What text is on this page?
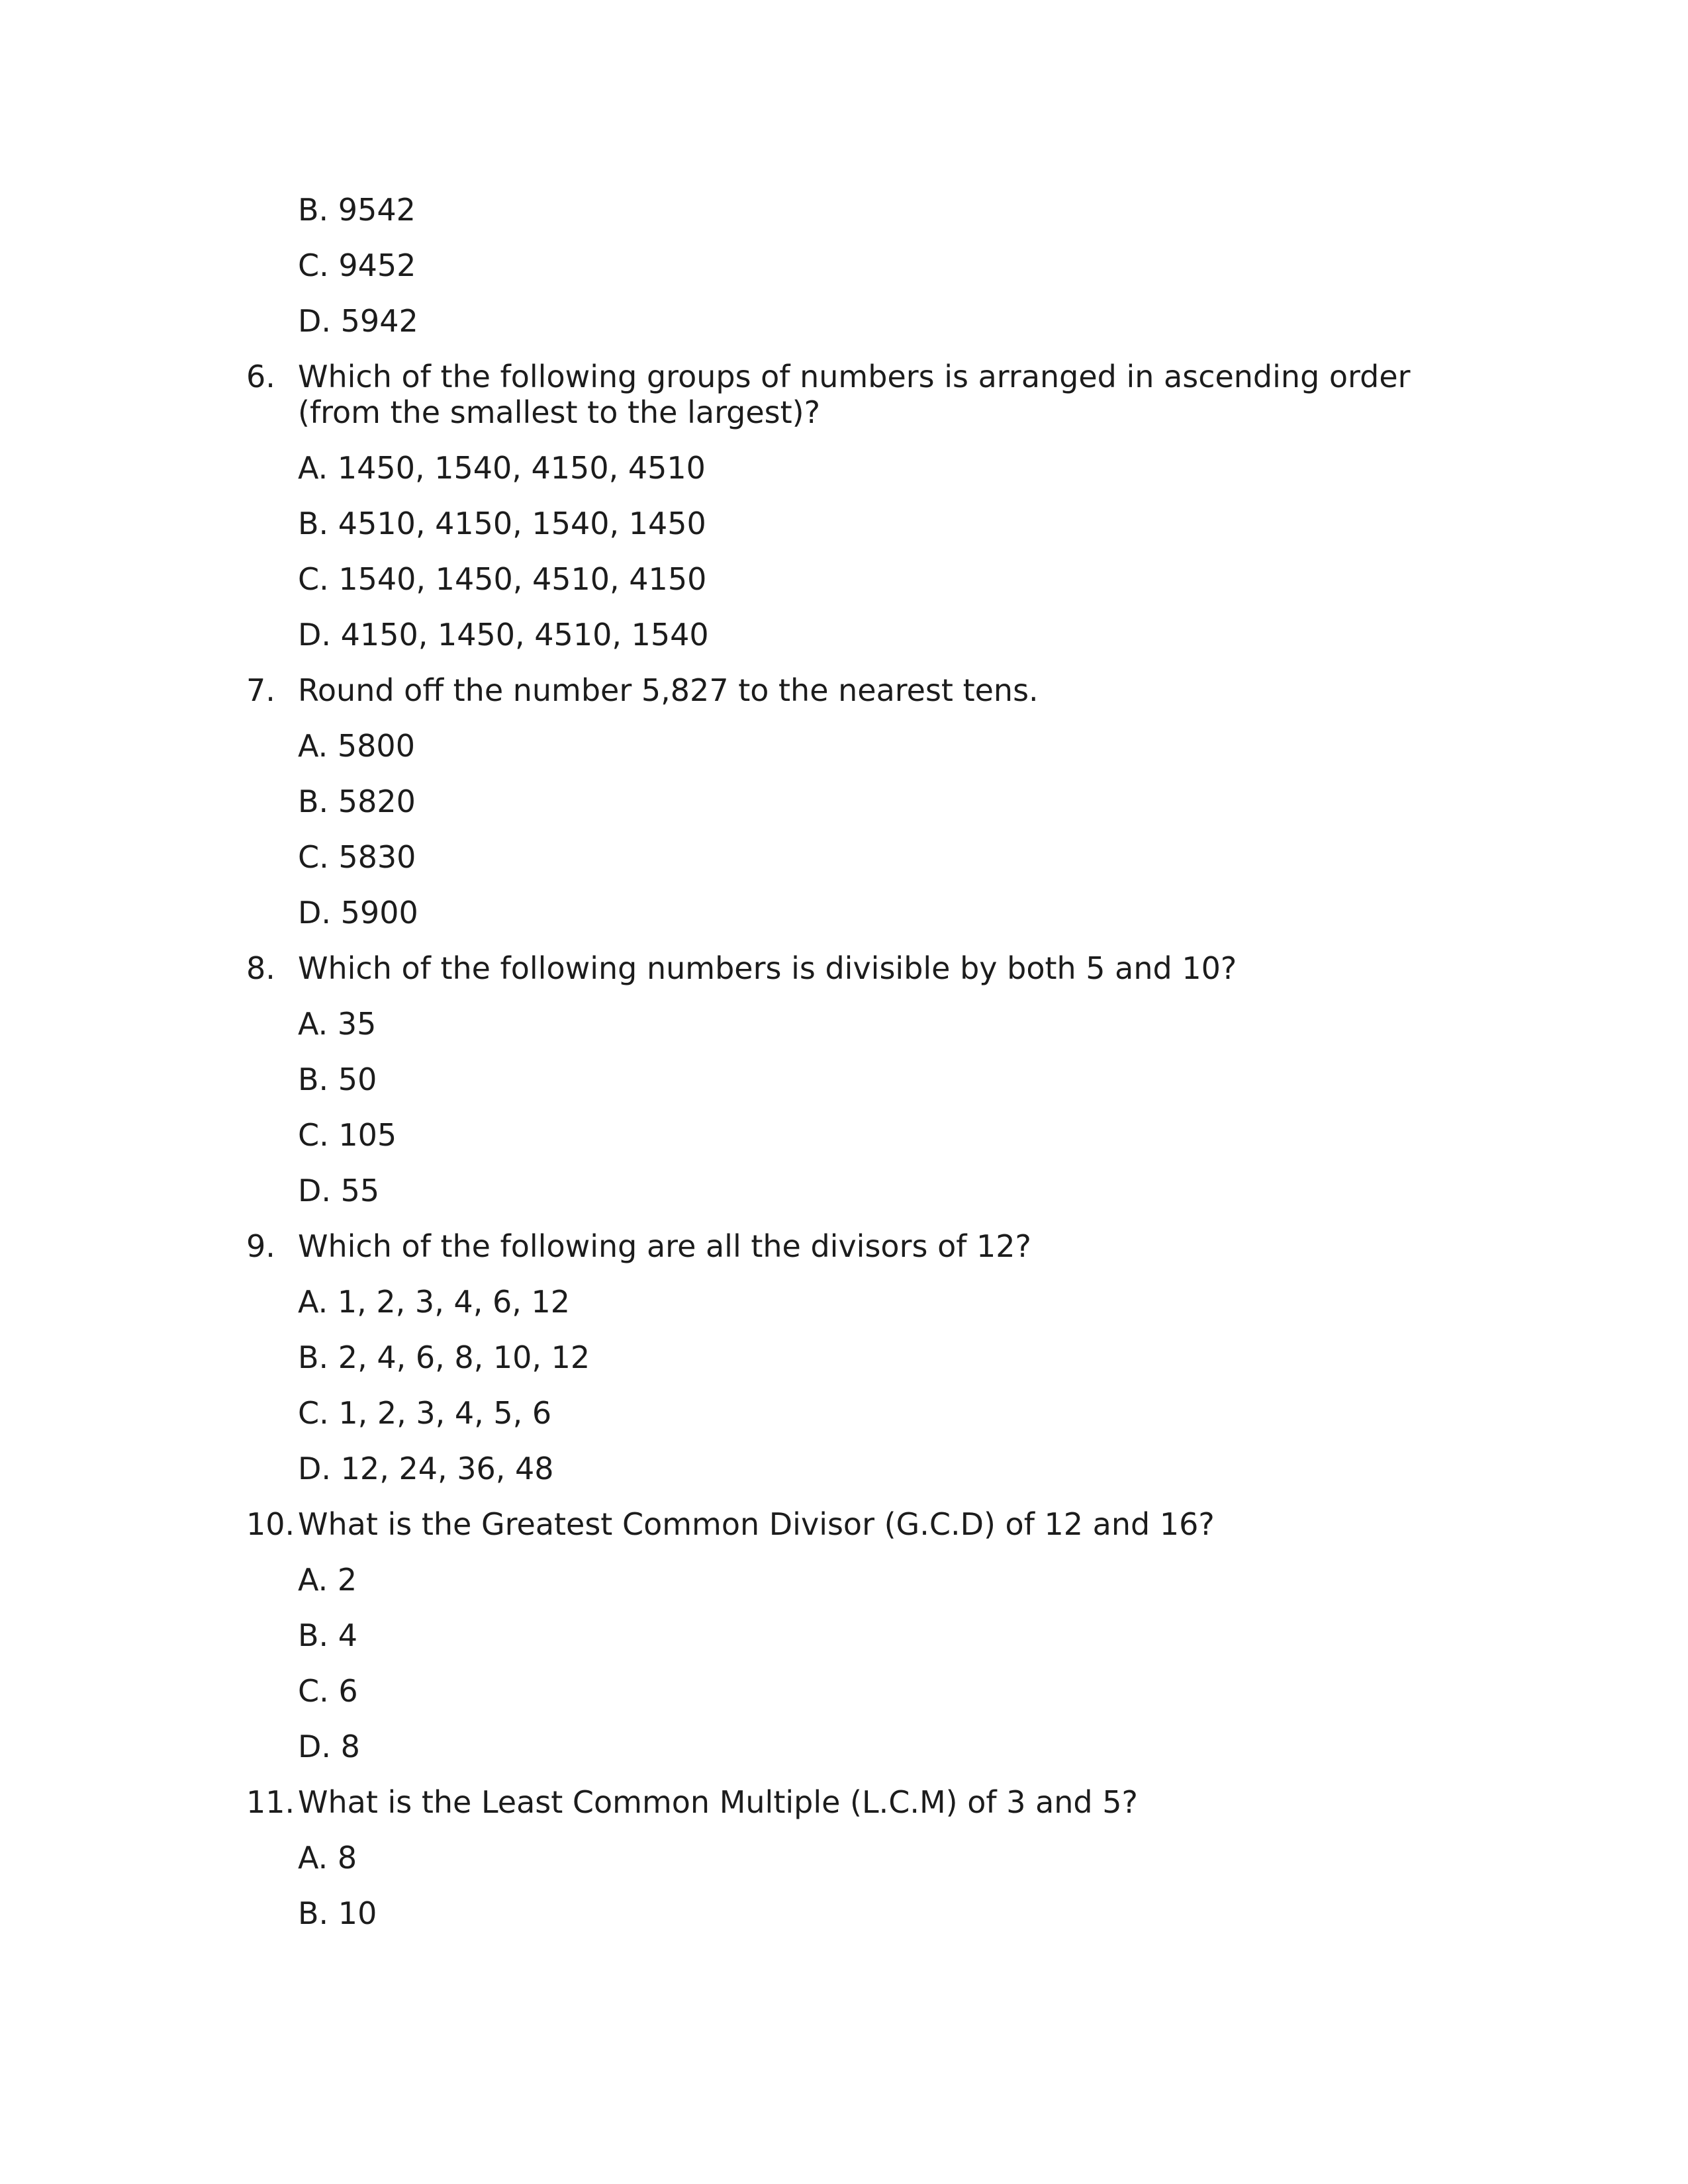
B. 9542
C. 9452
D. 5942
6. Which of the following groups of numbers is arranged in ascending order (from the smallest to the largest)?
A. 1450, 1540, 4150, 4510
B. 4510, 4150, 1540, 1450
C. 1540, 1450, 4510, 4150
D. 4150, 1450, 4510, 1540
7. Round off the number 5,827 to the nearest tens.
A. 5800
B. 5820
C. 5830
D. 5900
8. Which of the following numbers is divisible by both 5 and 10?
A. 35
B. 50
C. 105
D. 55
9. Which of the following are all the divisors of 12?
A. 1, 2, 3, 4, 6, 12
B. 2, 4, 6, 8, 10, 12
C. 1, 2, 3, 4, 5, 6
D. 12, 24, 36, 48
10. What is the Greatest Common Divisor (G.C.D) of 12 and 16?
A. 2
B. 4
C. 6
D. 8
11. What is the Least Common Multiple (L.C.M) of 3 and 5?
A. 8
B. 10
